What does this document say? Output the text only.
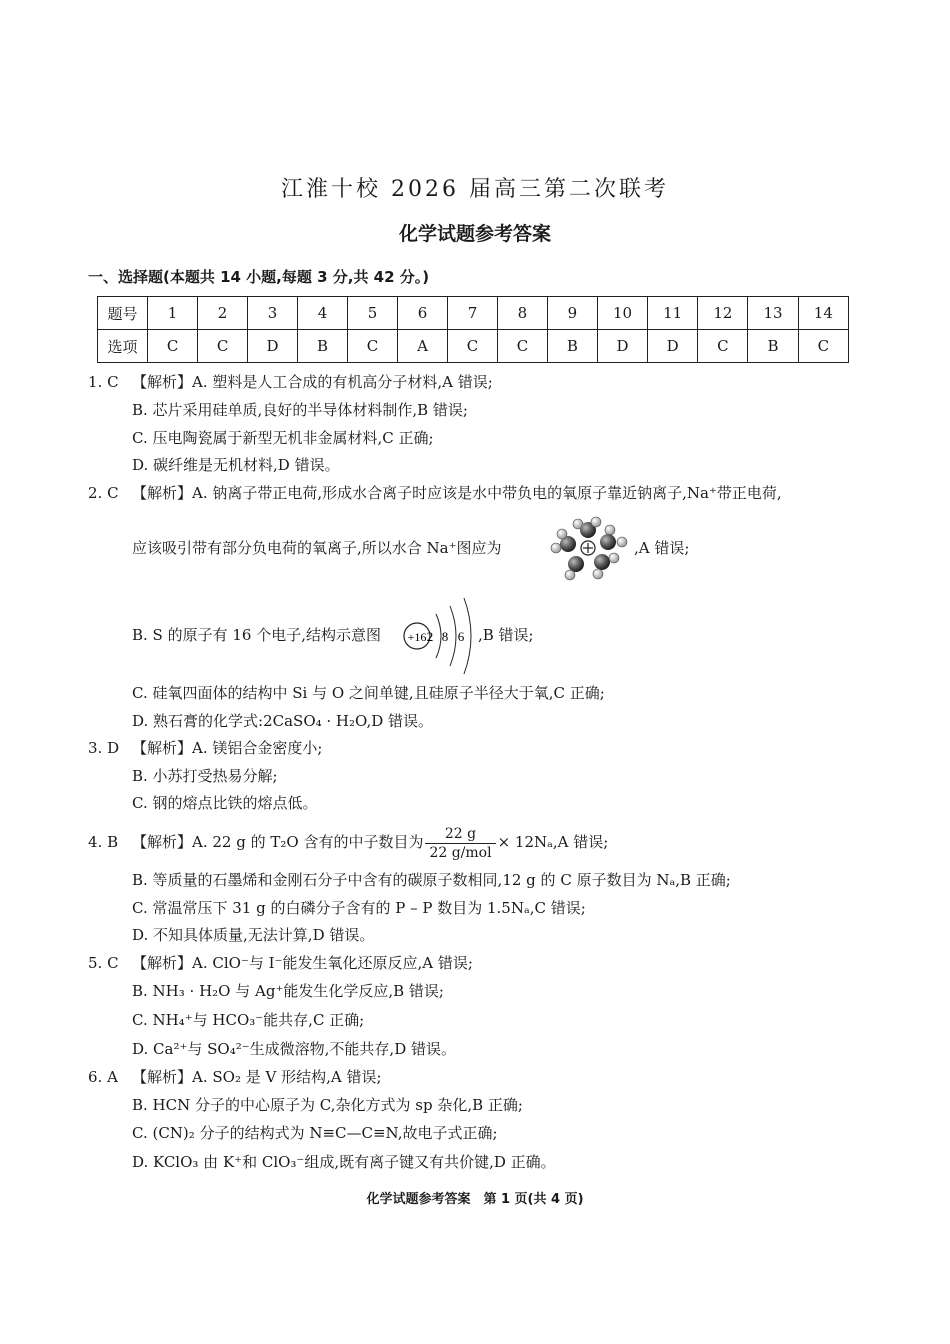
江淮十校 2026 届高三第二次联考
化学试题参考答案
一、选择题(本题共 14 小题,每题 3 分,共 42 分。)
题号	1	2	3	4	5	6	7	8	9	10	11	12	13	14
选项	C	C	D	B	C	A	C	C	B	D	D	C	B	C
1. C 【解析】A. 塑料是人工合成的有机高分子材料,A 错误;
B. 芯片采用硅单质,良好的半导体材料制作,B 错误;
C. 压电陶瓷属于新型无机非金属材料,C 正确;
D. 碳纤维是无机材料,D 错误。
2. C 【解析】A. 钠离子带正电荷,形成水合离子时应该是水中带负电的氧原子靠近钠离子,Na⁺带正电荷,
应该吸引带有部分负电荷的氧离子,所以水合 Na⁺图应为	,A 错误;
B. S 的原子有 16 个电子,结构示意图 +16 2 8 6 ,B 错误;
C. 硅氧四面体的结构中 Si 与 O 之间单键,且硅原子半径大于氧,C 正确;
D. 熟石膏的化学式:2CaSO₄ · H₂O,D 错误。
3. D 【解析】A. 镁铝合金密度小;
B. 小苏打受热易分解;
C. 钢的熔点比铁的熔点低。
4. B 【解析】A. 22 g 的 T₂O 含有的中子数目为 $\frac{22 g}{\text{22 g/mol}} \times 12N_a,A$ 错误;
B. 等质量的石墨烯和金刚石分子中含有的碳原子数相同,12 g 的 C 原子数目为 Nₐ,B 正确;
C. 常温常压下 31 g 的白磷分子含有的 P – P 数目为 1.5Nₐ,C 错误;
D. 不知具体质量,无法计算,D 错误。
5. C 【解析】A. ClO⁻与 I⁻能发生氧化还原反应,A 错误;
B. NH₃ · H₂O 与 Ag⁺能发生化学反应,B 错误;
C. NH₄⁺与 HCO₃⁻能共存,C 正确;
D. Ca²⁺与 SO₄²⁻生成微溶物,不能共存,D 错误。
6. A 【解析】A. SO₂ 是 V 形结构,A 错误;
B. HCN 分子的中心原子为 C,杂化方式为 sp 杂化,B 正确;
C. (CN)₂ 分子的结构式为 N≡C—C≡N,故电子式正确;
D. KClO₃ 由 K⁺和 ClO₃⁻组成,既有离子键又有共价键,D 正确。
化学试题参考答案　第 1 页(共 4 页)
